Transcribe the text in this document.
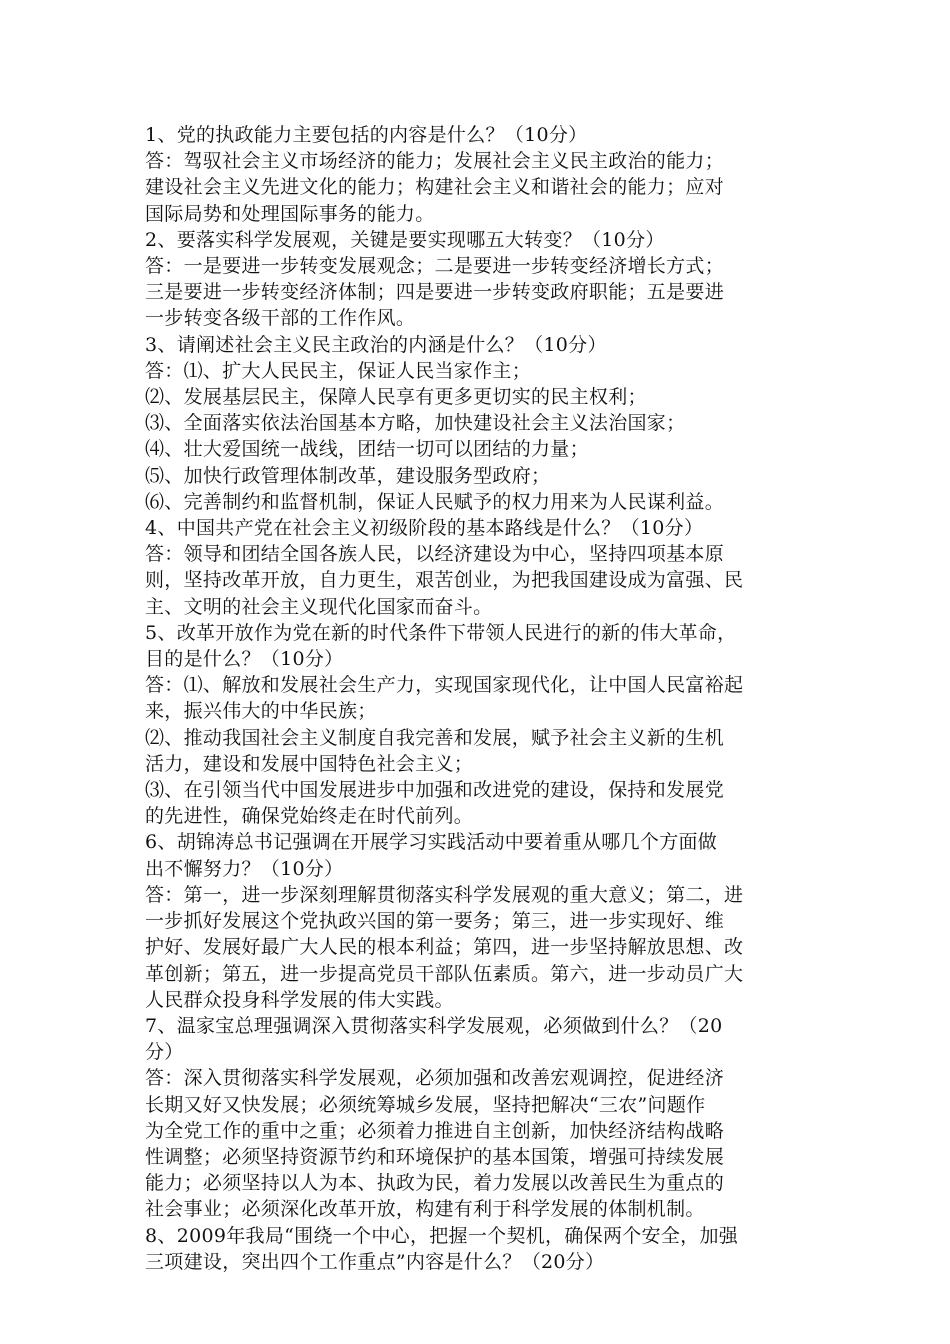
1、党的执政能力主要包括的内容是什么？（10分）
答：驾驭社会主义市场经济的能力；发展社会主义民主政治的能力；
建设社会主义先进文化的能力；构建社会主义和谐社会的能力；应对
国际局势和处理国际事务的能力。
2、要落实科学发展观，关键是要实现哪五大转变？（10分）
答：一是要进一步转变发展观念；二是要进一步转变经济增长方式；
三是要进一步转变经济体制；四是要进一步转变政府职能；五是要进
一步转变各级干部的工作作风。
3、请阐述社会主义民主政治的内涵是什么？（10分）
答：⑴、扩大人民民主，保证人民当家作主；
⑵、发展基层民主，保障人民享有更多更切实的民主权利；
⑶、全面落实依法治国基本方略，加快建设社会主义法治国家；
⑷、壮大爱国统一战线，团结一切可以团结的力量；
⑸、加快行政管理体制改革，建设服务型政府；
⑹、完善制约和监督机制，保证人民赋予的权力用来为人民谋利益。
4、中国共产党在社会主义初级阶段的基本路线是什么？（10分）
答：领导和团结全国各族人民，以经济建设为中心，坚持四项基本原
则，坚持改革开放，自力更生，艰苦创业，为把我国建设成为富强、民
主、文明的社会主义现代化国家而奋斗。
5、改革开放作为党在新的时代条件下带领人民进行的新的伟大革命，
目的是什么？（10分）
答：⑴、解放和发展社会生产力，实现国家现代化，让中国人民富裕起
来，振兴伟大的中华民族；
⑵、推动我国社会主义制度自我完善和发展，赋予社会主义新的生机
活力，建设和发展中国特色社会主义；
⑶、在引领当代中国发展进步中加强和改进党的建设，保持和发展党
的先进性，确保党始终走在时代前列。
6、胡锦涛总书记强调在开展学习实践活动中要着重从哪几个方面做
出不懈努力？（10分）
答：第一，进一步深刻理解贯彻落实科学发展观的重大意义；第二，进
一步抓好发展这个党执政兴国的第一要务；第三，进一步实现好、维
护好、发展好最广大人民的根本利益；第四，进一步坚持解放思想、改
革创新；第五，进一步提高党员干部队伍素质。第六，进一步动员广大
人民群众投身科学发展的伟大实践。
7、温家宝总理强调深入贯彻落实科学发展观，必须做到什么？（20
分）
答：深入贯彻落实科学发展观，必须加强和改善宏观调控，促进经济
长期又好又快发展；必须统筹城乡发展，坚持把解决“三农”问题作
为全党工作的重中之重；必须着力推进自主创新，加快经济结构战略
性调整；必须坚持资源节约和环境保护的基本国策，增强可持续发展
能力；必须坚持以人为本、执政为民，着力发展以改善民生为重点的
社会事业；必须深化改革开放，构建有利于科学发展的体制机制。
8、2009年我局“围绕一个中心，把握一个契机，确保两个安全，加强
三项建设，突出四个工作重点”内容是什么？（20分）
